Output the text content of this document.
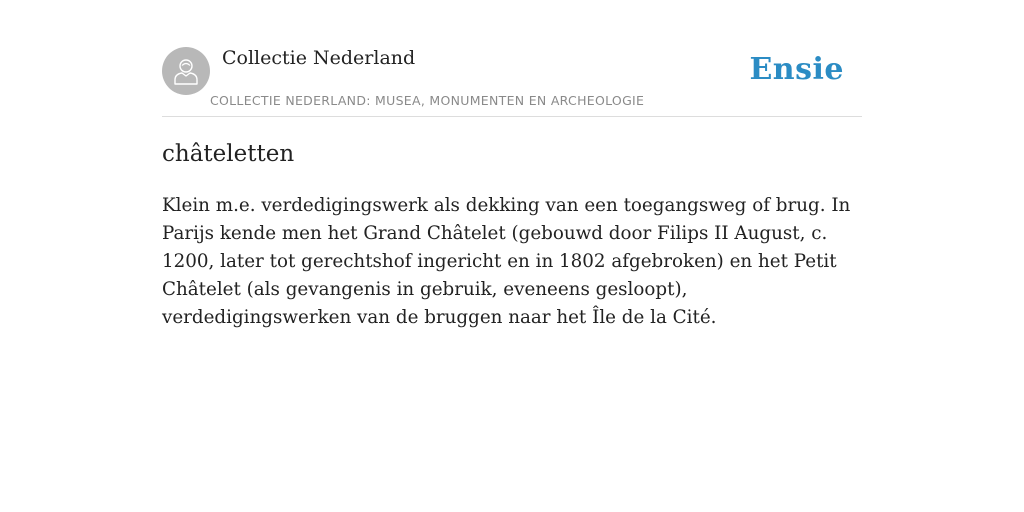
Collectie Nederland
COLLECTIE NEDERLAND: MUSEA, MONUMENTEN EN ARCHEOLOGIE
Ensie
châteletten

Klein m.e. verdedigingswerk als dekking van een toegangsweg of brug. In Parijs kende men het Grand Châtelet (gebouwd door Filips II August, c. 1200, later tot gerechtshof ingericht en in 1802 afgebroken) en het Petit Châtelet (als gevangenis in gebruik, eveneens gesloopt), verdedigingswerken van de bruggen naar het Île de la Cité.
